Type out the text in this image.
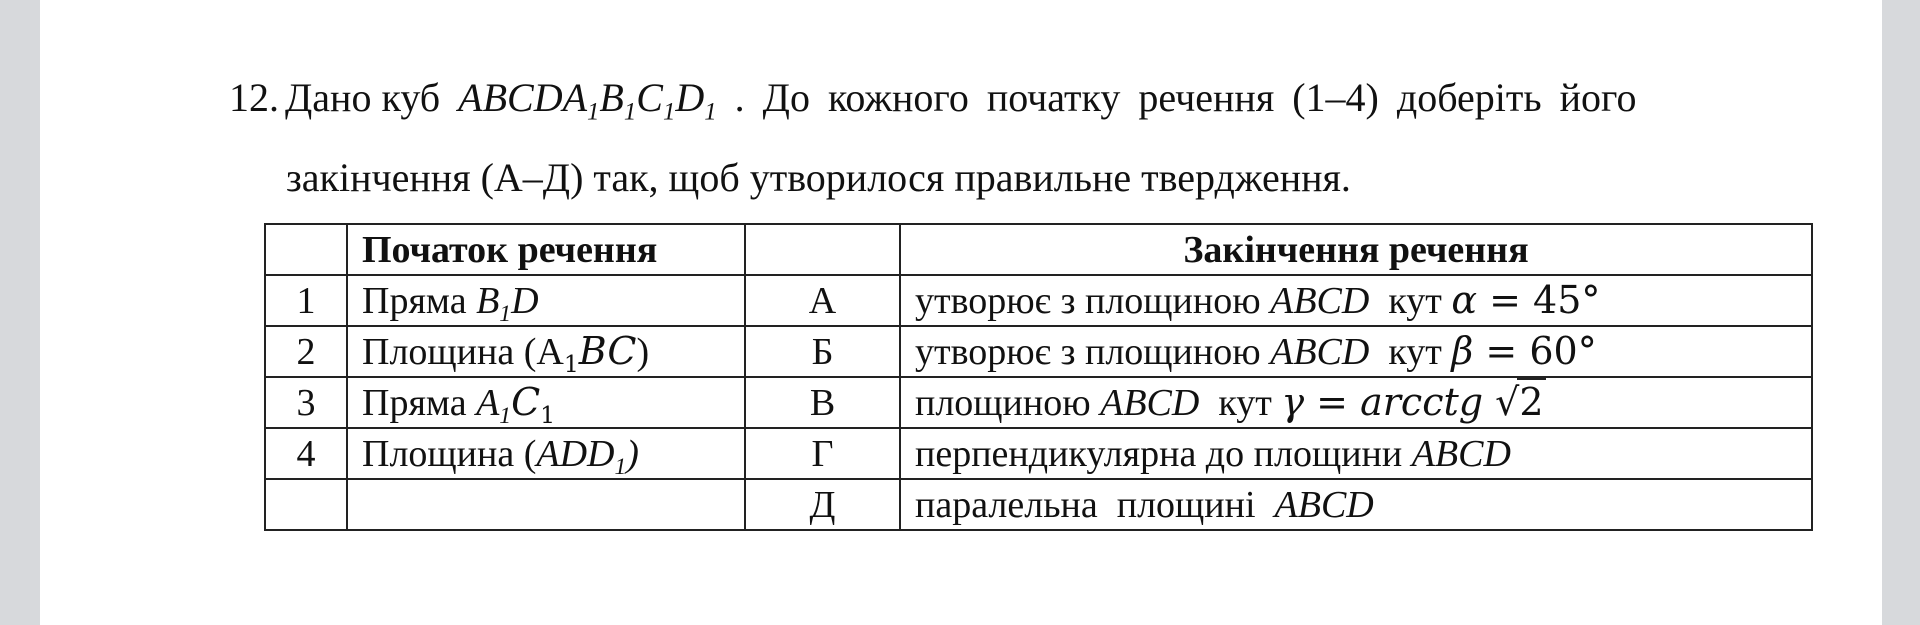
12. Дано куб $ABCDA_1B_1C_1D_1$ . До кожного початку речення (1–4) доберіть його
закінчення (А–Д) так, щоб утворилося правильне твердження.
	Початок речення		Закінчення речення
1	Пряма $B_1D$	А	утворює з площиною ABCD  кут α = 45°
2	Площина $(A_1BC)$	Б	утворює з площиною ABCD  кут β = 60°
3	Пряма $A_1C_1$	В	площиною ABCD  кут γ = arcctg √2
4	Площина $(ADD_1)$	Г	перпендикулярна до площини ABCD
		Д	паралельна  площині  ABCD
